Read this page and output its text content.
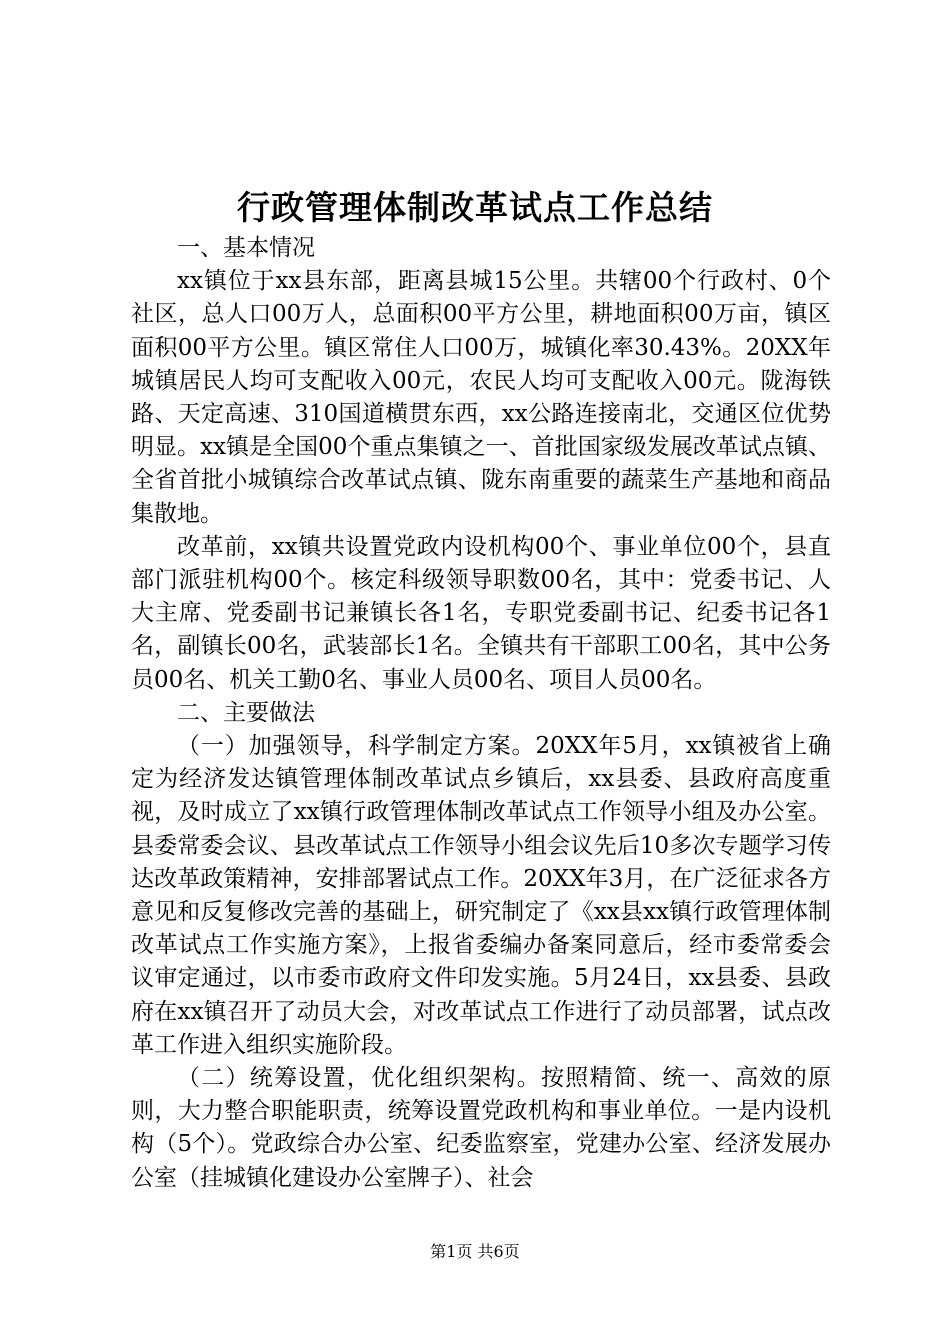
行政管理体制改革试点工作总结

一、基本情况

xx镇位于xx县东部，距离县城15公里。共辖00个行政村、0个社区，总人口00万人，总面积00平方公里，耕地面积00万亩，镇区面积00平方公里。镇区常住人口00万，城镇化率30.43%。20XX年城镇居民人均可支配收入00元，农民人均可支配收入00元。陇海铁路、天定高速、310国道横贯东西，xx公路连接南北，交通区位优势明显。xx镇是全国00个重点集镇之一、首批国家级发展改革试点镇、全省首批小城镇综合改革试点镇、陇东南重要的蔬菜生产基地和商品集散地。

改革前，xx镇共设置党政内设机构00个、事业单位00个，县直部门派驻机构00个。核定科级领导职数00名，其中：党委书记、人大主席、党委副书记兼镇长各1名，专职党委副书记、纪委书记各1名，副镇长00名，武装部长1名。全镇共有干部职工00名，其中公务员00名、机关工勤0名、事业人员00名、项目人员00名。

二、主要做法

（一）加强领导，科学制定方案。20XX年5月，xx镇被省上确定为经济发达镇管理体制改革试点乡镇后，xx县委、县政府高度重视，及时成立了xx镇行政管理体制改革试点工作领导小组及办公室。县委常委会议、县改革试点工作领导小组会议先后10多次专题学习传达改革政策精神，安排部署试点工作。20XX年3月，在广泛征求各方意见和反复修改完善的基础上，研究制定了《xx县xx镇行政管理体制改革试点工作实施方案》，上报省委编办备案同意后，经市委常委会议审定通过，以市委市政府文件印发实施。5月24日，xx县委、县政府在xx镇召开了动员大会，对改革试点工作进行了动员部署，试点改革工作进入组织实施阶段。

（二）统筹设置，优化组织架构。按照精简、统一、高效的原则，大力整合职能职责，统筹设置党政机构和事业单位。一是内设机构（5个）。党政综合办公室、纪委监察室，党建办公室、经济发展办公室（挂城镇化建设办公室牌子）、社会

第1页 共6页
